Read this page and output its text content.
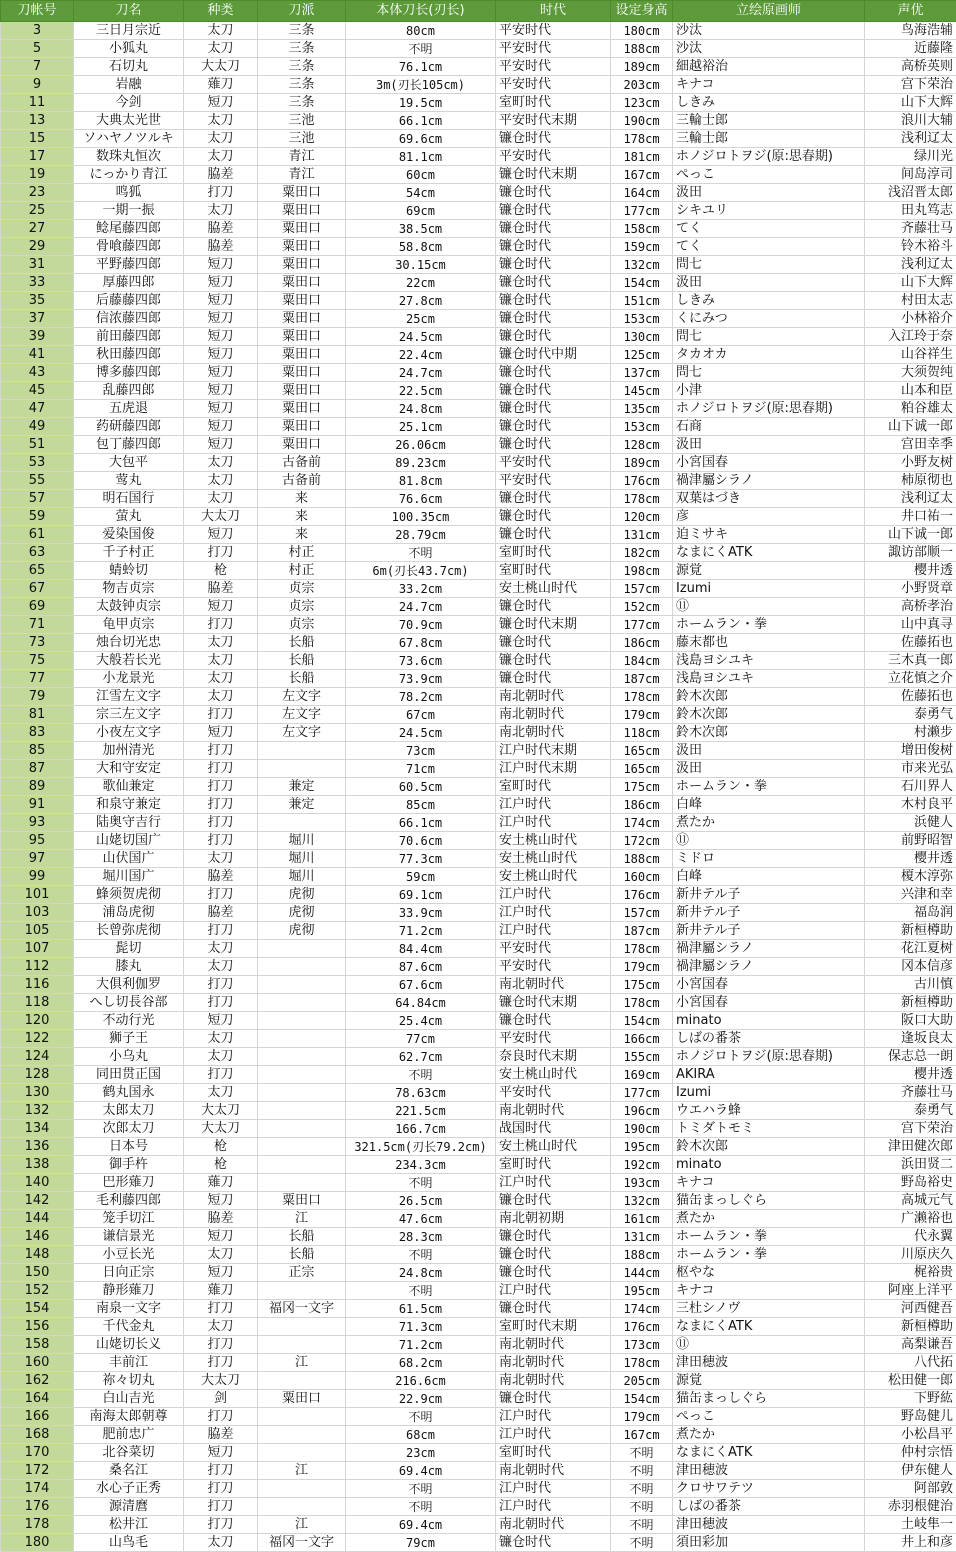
刀帐号	刀名	种类	刀派	本体刀长(刃长)	时代	设定身高	立绘原画师	声优
3	三日月宗近	太刀	三条	80cm	平安时代	180cm	沙汰	鸟海浩辅
5	小狐丸	太刀	三条	不明	平安时代	188cm	沙汰	近藤隆
7	石切丸	大太刀	三条	76.1cm	平安时代	189cm	細越裕治	高桥英则
9	岩融	薙刀	三条	3m(刃长105cm)	平安时代	203cm	キナコ	宫下荣治
11	今剑	短刀	三条	19.5cm	室町时代	123cm	しきみ	山下大辉
13	大典太光世	太刀	三池	66.1cm	平安时代末期	190cm	三輪士郎	浪川大辅
15	ソハヤノツルキ	太刀	三池	69.6cm	镰仓时代	178cm	三輪士郎	浅利辽太
17	数珠丸恒次	太刀	青江	81.1cm	平安时代	181cm	ホノジロトヲジ(原:思春期)	绿川光
19	にっかり青江	脇差	青江	60cm	镰仓时代末期	167cm	ぺっこ	间岛淳司
23	鸣狐	打刀	粟田口	54cm	镰仓时代	164cm	汲田	浅沼晋太郎
25	一期一振	太刀	粟田口	69cm	镰仓时代	177cm	シキユリ	田丸笃志
27	鲶尾藤四郎	脇差	粟田口	38.5cm	镰仓时代	158cm	てく	齐藤壮马
29	骨喰藤四郎	脇差	粟田口	58.8cm	镰仓时代	159cm	てく	铃木裕斗
31	平野藤四郎	短刀	粟田口	30.15cm	镰仓时代	132cm	問七	浅利辽太
33	厚藤四郎	短刀	粟田口	22cm	镰仓时代	154cm	汲田	山下大辉
35	后藤藤四郎	短刀	粟田口	27.8cm	镰仓时代	151cm	しきみ	村田太志
37	信浓藤四郎	短刀	粟田口	25cm	镰仓时代	153cm	くにみつ	小林裕介
39	前田藤四郎	短刀	粟田口	24.5cm	镰仓时代	130cm	問七	入江玲于奈
41	秋田藤四郎	短刀	粟田口	22.4cm	镰仓时代中期	125cm	タカオカ	山谷祥生
43	博多藤四郎	短刀	粟田口	24.7cm	镰仓时代	137cm	問七	大须贺纯
45	乱藤四郎	短刀	粟田口	22.5cm	镰仓时代	145cm	小津	山本和臣
47	五虎退	短刀	粟田口	24.8cm	镰仓时代	135cm	ホノジロトヲジ(原:思春期)	粕谷雄太
49	药研藤四郎	短刀	粟田口	25.1cm	镰仓时代	153cm	石商	山下诚一郎
51	包丁藤四郎	短刀	粟田口	26.06cm	镰仓时代	128cm	汲田	宫田幸季
53	大包平	太刀	古备前	89.23cm	平安时代	189cm	小宮国春	小野友树
55	莺丸	太刀	古备前	81.8cm	平安时代	176cm	禍津屬シラノ	柿原彻也
57	明石国行	太刀	来	76.6cm	镰仓时代	178cm	双葉はづき	浅利辽太
59	萤丸	大太刀	来	100.35cm	镰仓时代	120cm	彦	井口祐一
61	爱染国俊	短刀	来	28.79cm	镰仓时代	131cm	迫ミサキ	山下诚一郎
63	千子村正	打刀	村正	不明	室町时代	182cm	なまにくATK	諏访部顺一
65	蜻蛉切	枪	村正	6m(刃长43.7cm)	室町时代	198cm	源覚	樱井透
67	物吉贞宗	脇差	贞宗	33.2cm	安土桃山时代	157cm	Izumi	小野贤章
69	太鼓钟贞宗	短刀	贞宗	24.7cm	镰仓时代	152cm	⑪	高桥孝治
71	龟甲贞宗	打刀	贞宗	70.9cm	镰仓时代末期	177cm	ホームラン・拳	山中真寻
73	烛台切光忠	太刀	长船	67.8cm	镰仓时代	186cm	藤末都也	佐藤拓也
75	大般若长光	太刀	长船	73.6cm	镰仓时代	184cm	浅島ヨシユキ	三木真一郎
77	小龙景光	太刀	长船	73.9cm	镰仓时代	187cm	浅島ヨシユキ	立花慎之介
79	江雪左文字	太刀	左文字	78.2cm	南北朝时代	178cm	鈴木次郎	佐藤拓也
81	宗三左文字	打刀	左文字	67cm	南北朝时代	179cm	鈴木次郎	泰勇气
83	小夜左文字	短刀	左文字	24.5cm	南北朝时代	118cm	鈴木次郎	村濑步
85	加州清光	打刀		73cm	江户时代末期	165cm	汲田	增田俊树
87	大和守安定	打刀		71cm	江户时代末期	165cm	汲田	市来光弘
89	歌仙兼定	打刀	兼定	60.5cm	室町时代	175cm	ホームラン・拳	石川界人
91	和泉守兼定	打刀	兼定	85cm	江户时代	186cm	白峰	木村良平
93	陆奥守吉行	打刀		66.1cm	江户时代	174cm	煮たか	浜健人
95	山姥切国广	打刀	堀川	70.6cm	安土桃山时代	172cm	⑪	前野昭智
97	山伏国广	太刀	堀川	77.3cm	安土桃山时代	188cm	ミドロ	樱井透
99	堀川国广	脇差	堀川	59cm	安土桃山时代	160cm	白峰	榎木淳弥
101	蜂须贺虎彻	打刀	虎彻	69.1cm	江户时代	176cm	新井テル子	兴津和幸
103	浦岛虎彻	脇差	虎彻	33.9cm	江户时代	157cm	新井テル子	福岛润
105	长曾弥虎彻	打刀	虎彻	71.2cm	江户时代	187cm	新井テル子	新桓樽助
107	髭切	太刀		84.4cm	平安时代	178cm	禍津屬シラノ	花江夏树
112	膝丸	太刀		87.6cm	平安时代	179cm	禍津屬シラノ	冈本信彦
116	大俱利伽罗	打刀		67.6cm	南北朝时代	175cm	小宮国春	古川慎
118	へし切長谷部	打刀		64.84cm	镰仓时代末期	178cm	小宮国春	新桓樽助
120	不动行光	短刀		25.4cm	镰仓时代	154cm	minato	阪口大助
122	狮子王	太刀		77cm	平安时代	166cm	しばの番茶	逢坂良太
124	小乌丸	太刀		62.7cm	奈良时代末期	155cm	ホノジロトヲジ(原:思春期)	保志总一朗
128	同田贯正国	打刀		不明	安土桃山时代	169cm	AKIRA	樱井透
130	鹤丸国永	太刀		78.63cm	平安时代	177cm	Izumi	齐藤壮马
132	太郎太刀	大太刀		221.5cm	南北朝时代	196cm	ウエハラ蜂	泰勇气
134	次郎太刀	大太刀		166.7cm	战国时代	190cm	トミダトモミ	宫下荣治
136	日本号	枪		321.5cm(刃长79.2cm)	安土桃山时代	195cm	鈴木次郎	津田健次郎
138	御手杵	枪		234.3cm	室町时代	192cm	minato	浜田贤二
140	巴形薙刀	薙刀		不明	江户时代	193cm	キナコ	野岛裕史
142	毛利藤四郎	短刀	粟田口	26.5cm	镰仓时代	132cm	猫缶まっしぐら	高城元气
144	笼手切江	脇差	江	47.6cm	南北朝初期	161cm	煮たか	广濑裕也
146	谦信景光	短刀	长船	28.3cm	镰仓时代	131cm	ホームラン・拳	代永翼
148	小豆长光	太刀	长船	不明	镰仓时代	188cm	ホームラン・拳	川原庆久
150	日向正宗	短刀	正宗	24.8cm	镰仓时代	144cm	枢やな	梶裕贵
152	静形薙刀	薙刀		不明	江户时代	195cm	キナコ	阿座上洋平
154	南泉一文字	打刀	福冈一文字	61.5cm	镰仓时代	174cm	三杜シノヴ	河西健吾
156	千代金丸	太刀		71.3cm	室町时代末期	176cm	なまにくATK	新桓樽助
158	山姥切长义	打刀		71.2cm	南北朝时代	173cm	⑪	高梨谦吾
160	丰前江	打刀	江	68.2cm	南北朝时代	178cm	津田穂波	八代拓
162	祢々切丸	大太刀		216.6cm	南北朝时代	205cm	源覚	松田健一郎
164	白山吉光	剑	粟田口	22.9cm	镰仓时代	154cm	猫缶まっしぐら	下野紘
166	南海太郎朝尊	打刀		不明	江户时代	179cm	ぺっこ	野岛健儿
168	肥前忠广	脇差		68cm	江户时代	167cm	煮たか	小松昌平
170	北谷菜切	短刀		23cm	室町时代	不明	なまにくATK	仲村宗悟
172	桑名江	打刀	江	69.4cm	南北朝时代	不明	津田穂波	伊东健人
174	水心子正秀	打刀		不明	江户时代	不明	クロサワテツ	阿部敦
176	源清麿	打刀		不明	江户时代	不明	しばの番茶	赤羽根健治
178	松井江	打刀	江	69.4cm	南北朝时代	不明	津田穂波	土岐隼一
180	山鸟毛	太刀	福冈一文字	79cm	镰仓时代	不明	須田彩加	井上和彦
